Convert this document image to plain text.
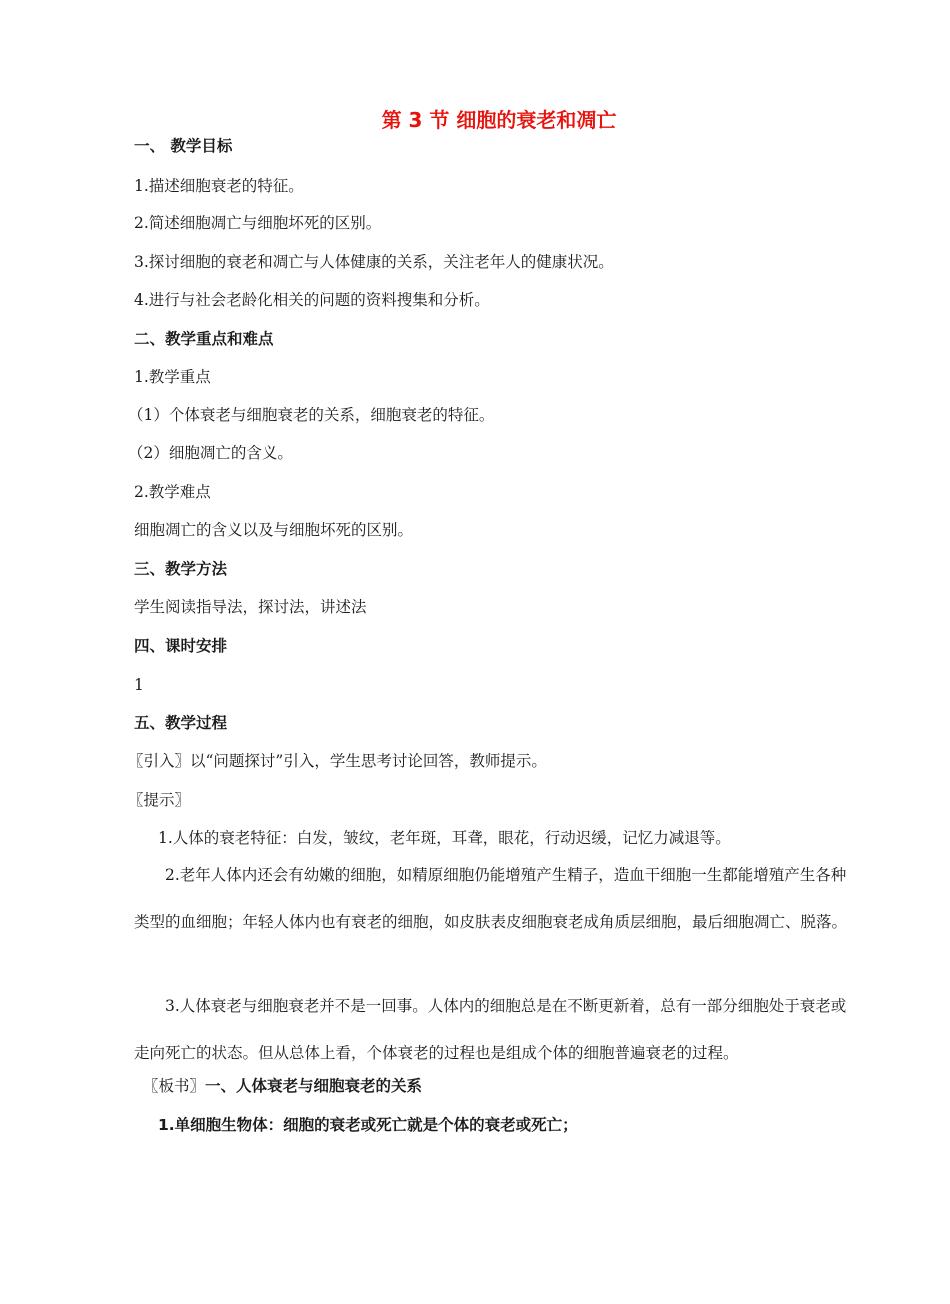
第 3 节 细胞的衰老和凋亡
一、 教学目标
1.描述细胞衰老的特征。
2.简述细胞凋亡与细胞坏死的区别。
3.探讨细胞的衰老和凋亡与人体健康的关系，关注老年人的健康状况。
4.进行与社会老龄化相关的问题的资料搜集和分析。
二、教学重点和难点
1.教学重点
（1）个体衰老与细胞衰老的关系，细胞衰老的特征。
（2）细胞凋亡的含义。
2.教学难点
细胞凋亡的含义以及与细胞坏死的区别。
三、教学方法
学生阅读指导法，探讨法，讲述法
四、课时安排
1
五、教学过程
〖引入〗以“问题探讨”引入，学生思考讨论回答，教师提示。
〖提示〗
1.人体的衰老特征：白发，皱纹，老年斑，耳聋，眼花，行动迟缓，记忆力减退等。
2.老年人体内还会有幼嫩的细胞，如精原细胞仍能增殖产生精子，造血干细胞一生都能增殖产生各种类型的血细胞；年轻人体内也有衰老的细胞，如皮肤表皮细胞衰老成角质层细胞，最后细胞凋亡、脱落。
3.人体衰老与细胞衰老并不是一回事。人体内的细胞总是在不断更新着，总有一部分细胞处于衰老或走向死亡的状态。但从总体上看，个体衰老的过程也是组成个体的细胞普遍衰老的过程。
〖板书〗一、人体衰老与细胞衰老的关系
1.单细胞生物体：细胞的衰老或死亡就是个体的衰老或死亡；
